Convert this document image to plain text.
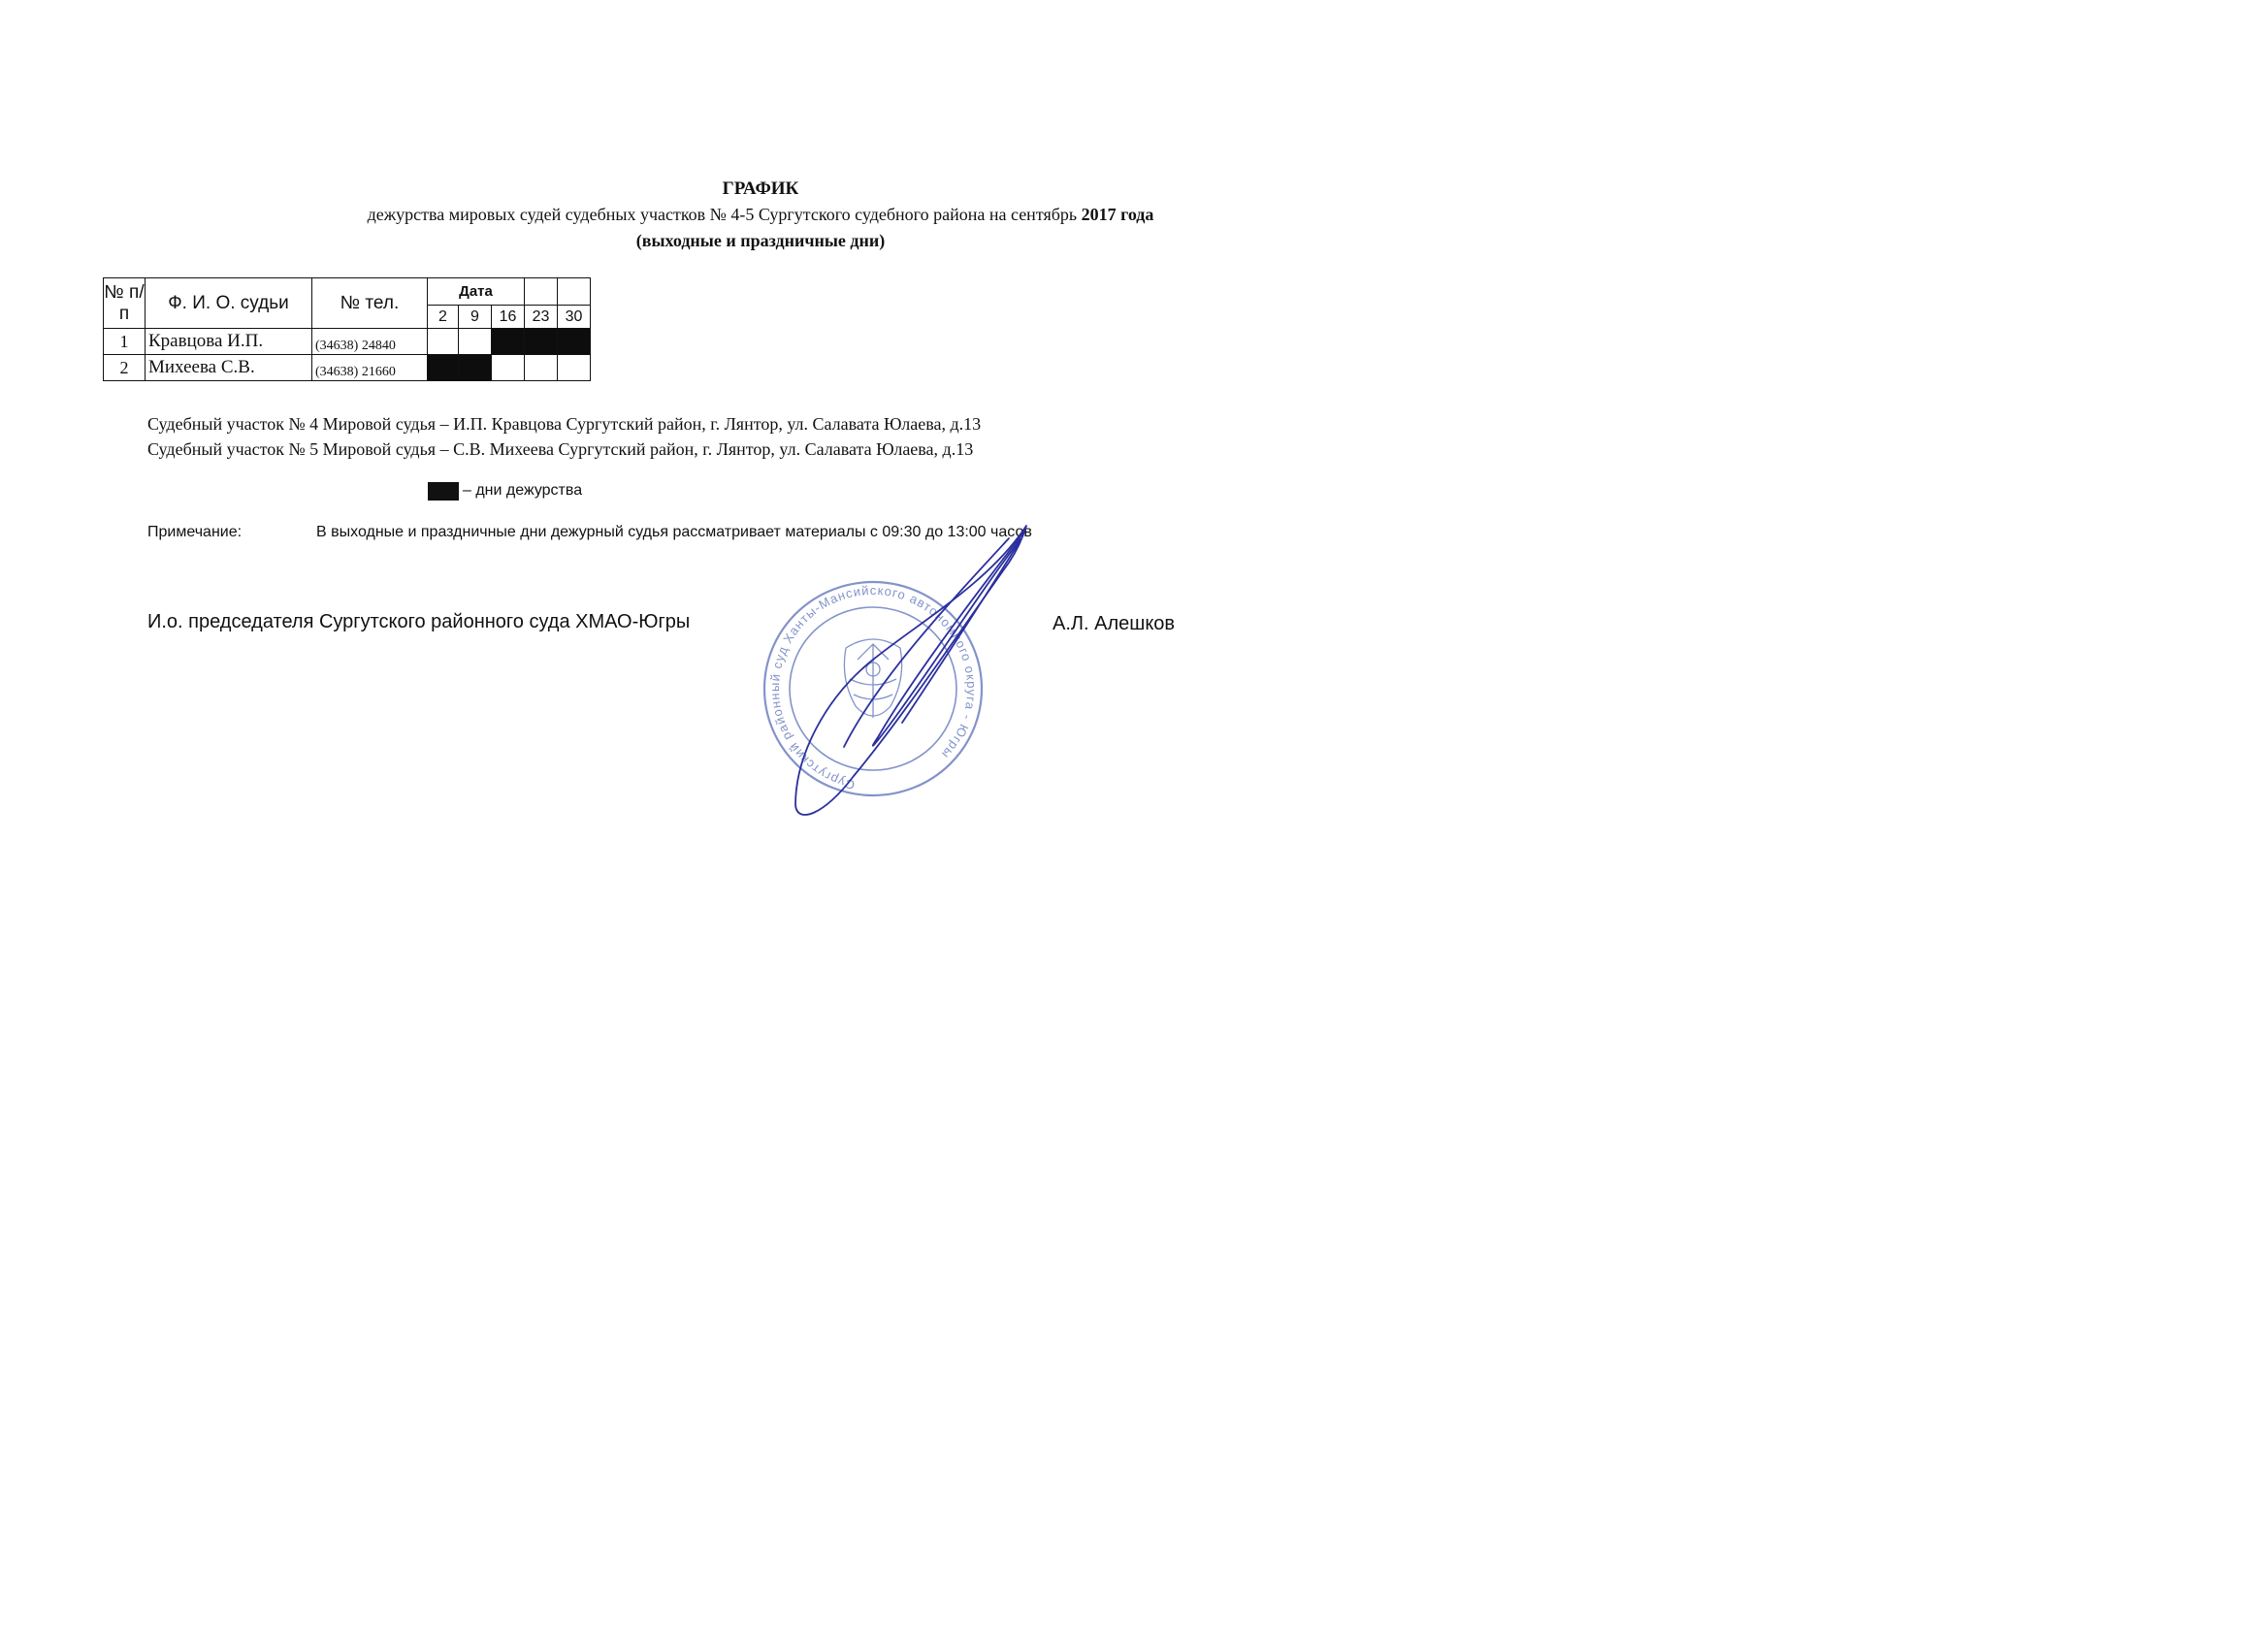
ГРАФИК
дежурства мировых судей судебных участков № 4-5 Сургутского судебного района на сентябрь 2017 года
(выходные и праздничные дни)
№ п/п	Ф. И. О. судьи	№ тел.	Дата				
			2	9	16	23	30
1	Кравцова И.П.	(34638) 24840					
2	Михеева С.В.	(34638) 21660					
Судебный участок № 4 Мировой судья – И.П. Кравцова Сургутский район, г. Лянтор, ул. Салавата Юлаева, д.13
Судебный участок № 5 Мировой судья – С.В. Михеева Сургутский район, г. Лянтор, ул. Салавата Юлаева, д.13
– дни дежурства
Примечание:	В выходные и праздничные дни дежурный судья рассматривает материалы с 09:30 до 13:00 часов
И.о. председателя Сургутского районного суда ХМАО-Югры	А.Л. Алешков
Сургутский районный суд Ханты-Мансийского автономного округа - Югры
